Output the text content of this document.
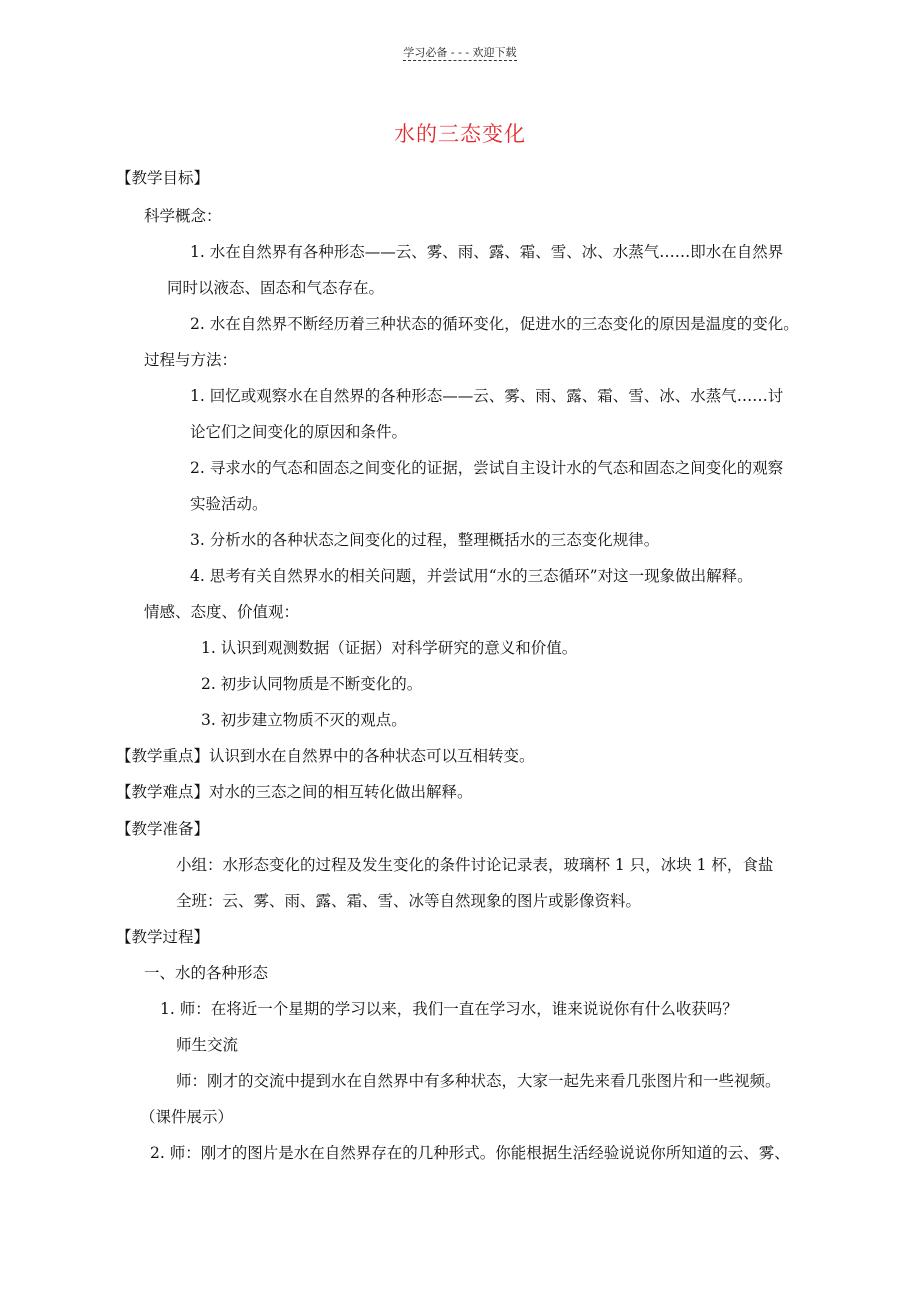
学习必备 - - - 欢迎下载
水的三态变化
【教学目标】
科学概念：
1. 水在自然界有各种形态——云、雾、雨、露、霜、雪、冰、水蒸气……即水在自然界
同时以液态、固态和气态存在。
2. 水在自然界不断经历着三种状态的循环变化，促进水的三态变化的原因是温度的变化。
过程与方法：
1. 回忆或观察水在自然界的各种形态——云、雾、雨、露、霜、雪、冰、水蒸气……讨
论它们之间变化的原因和条件。
2. 寻求水的气态和固态之间变化的证据，尝试自主设计水的气态和固态之间变化的观察
实验活动。
3. 分析水的各种状态之间变化的过程，整理概括水的三态变化规律。
4. 思考有关自然界水的相关问题，并尝试用“水的三态循环”对这一现象做出解释。
情感、态度、价值观：
1. 认识到观测数据（证据）对科学研究的意义和价值。
2. 初步认同物质是不断变化的。
3. 初步建立物质不灭的观点。
【教学重点】认识到水在自然界中的各种状态可以互相转变。
【教学难点】对水的三态之间的相互转化做出解释。
【教学准备】
小组：水形态变化的过程及发生变化的条件讨论记录表，玻璃杯 1 只，冰块 1 杯，食盐
全班：云、雾、雨、露、霜、雪、冰等自然现象的图片或影像资料。
【教学过程】
一、水的各种形态
1. 师：在将近一个星期的学习以来，我们一直在学习水，谁来说说你有什么收获吗？
师生交流
师：刚才的交流中提到水在自然界中有多种状态，大家一起先来看几张图片和一些视频。
（课件展示）
2. 师：刚才的图片是水在自然界存在的几种形式。你能根据生活经验说说你所知道的云、雾、
